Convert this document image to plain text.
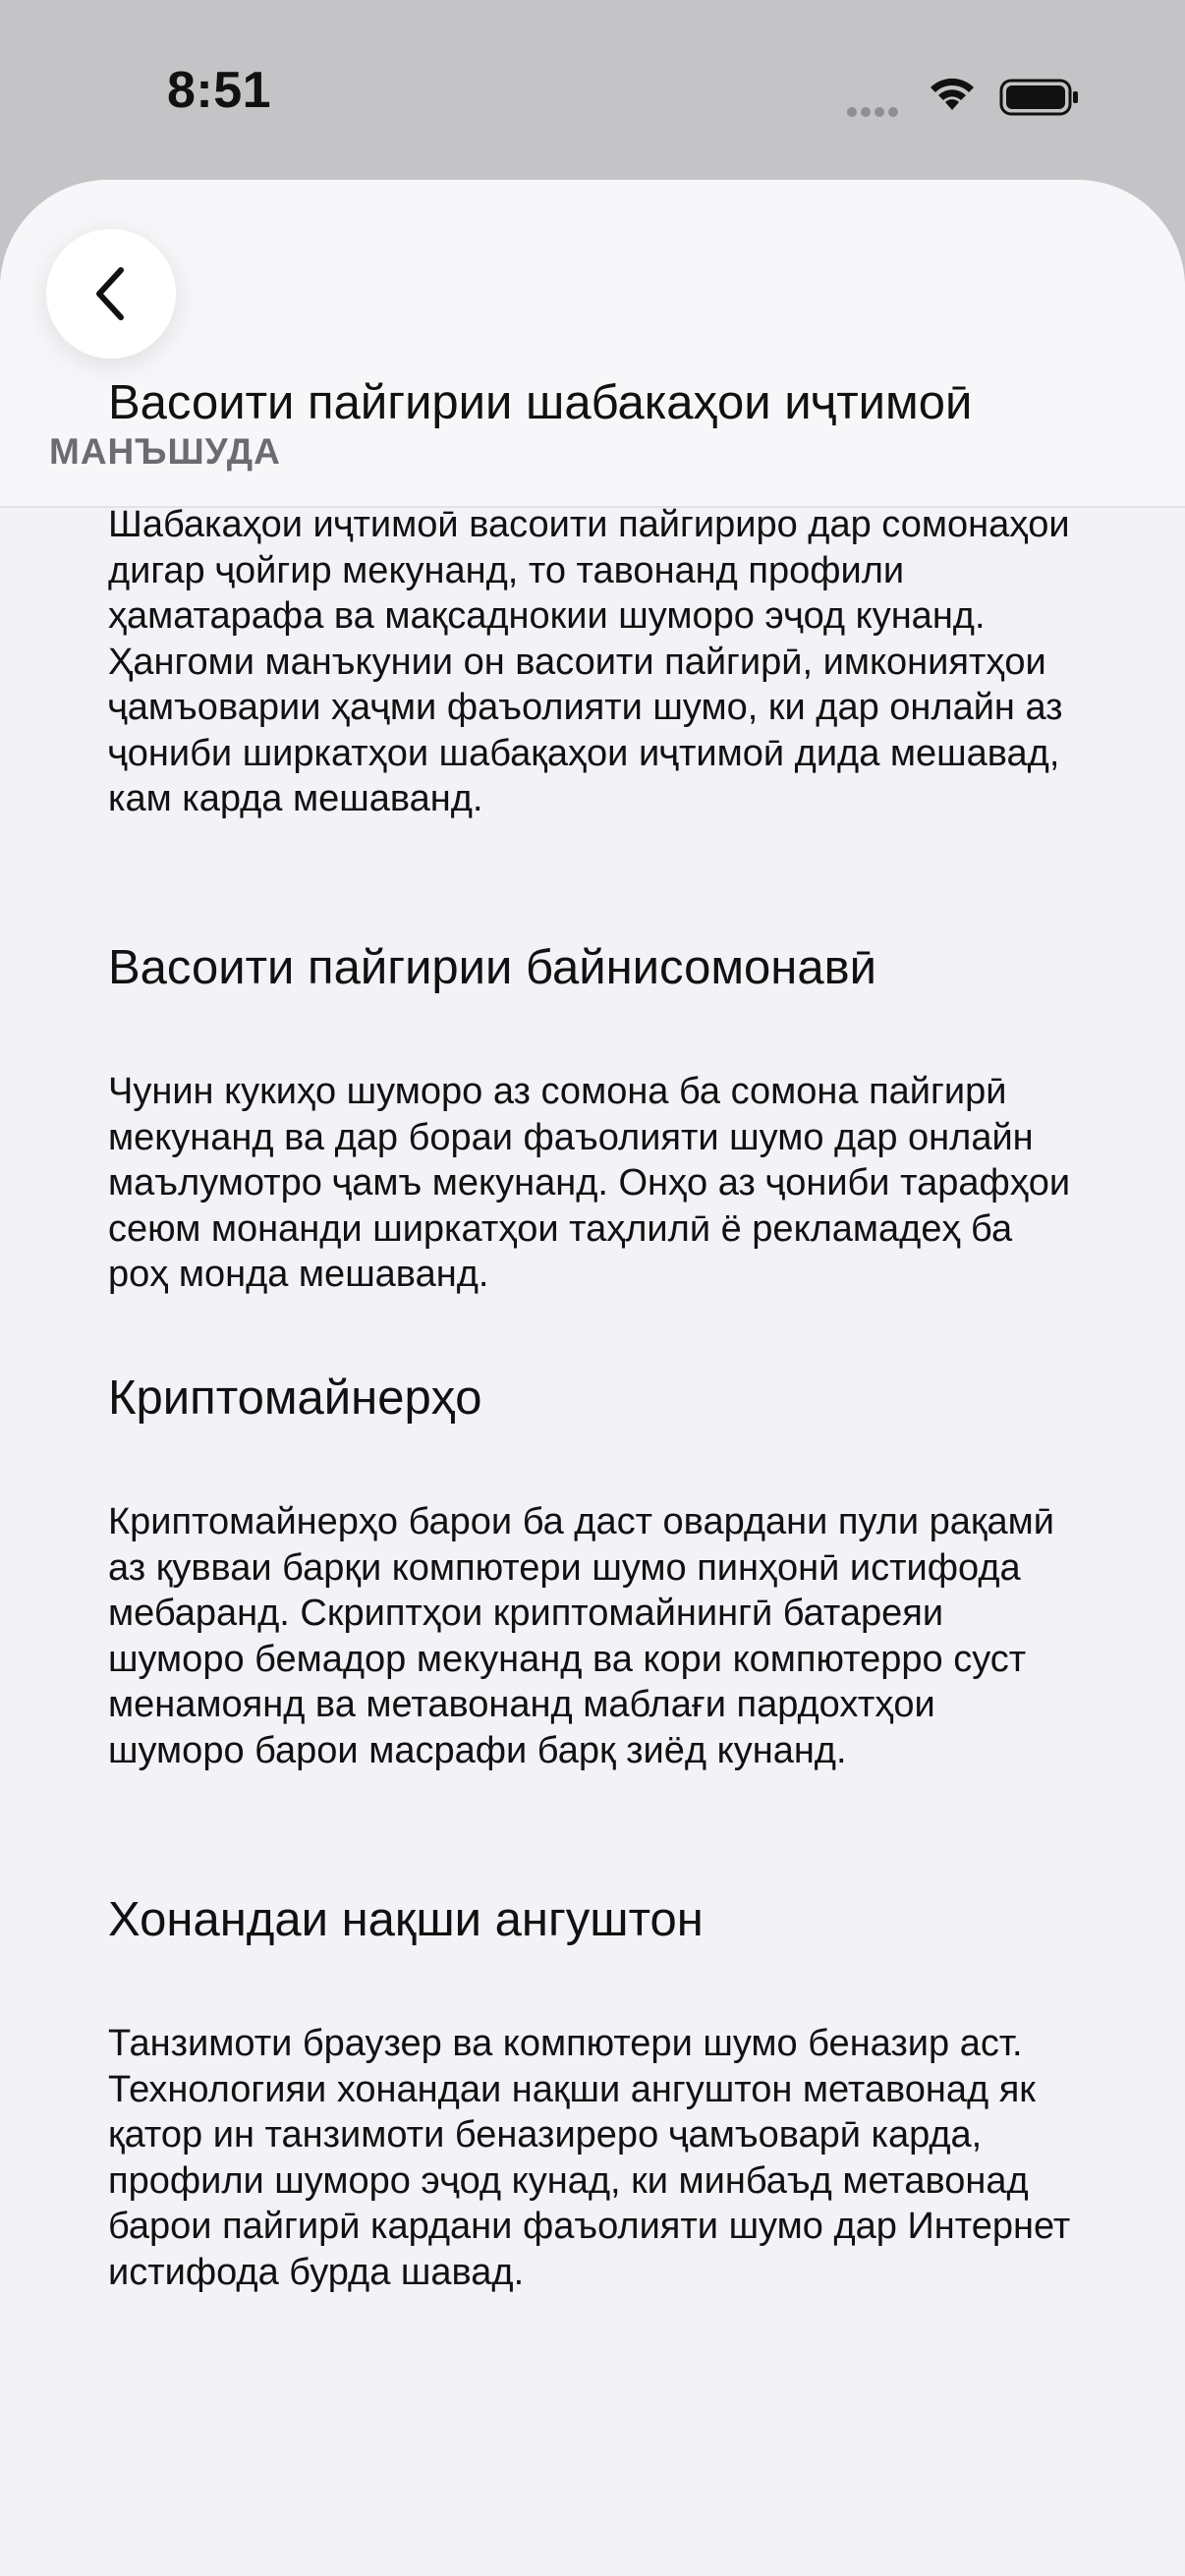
8:51
МАНЪШУДА
Васоити пайгирии шабакаҳои иҷтимоӣ

Шабакаҳои иҷтимоӣ васоити пайгириро дар сомонаҳои дигар ҷойгир мекунанд, то тавонанд профили ҳаматарафа ва мақсаднокии шуморо эҷод кунанд. Ҳангоми манъкунии он васоити пайгирӣ, имкониятҳои ҷамъоварии ҳаҷми фаъолияти шумо, ки дар онлайн аз ҷониби ширкатҳои шабақаҳои иҷтимоӣ дида мешавад, кам карда мешаванд.

Васоити пайгирии байнисомонавӣ

Чунин кукиҳо шуморо аз сомона ба сомона пайгирӣ мекунанд ва дар бораи фаъолияти шумо дар онлайн маълумотро ҷамъ мекунанд. Онҳо аз ҷониби тарафҳои сеюм монанди ширкатҳои таҳлилӣ ё рекламадеҳ ба роҳ монда мешаванд.

Криптомайнерҳо

Криптомайнерҳо барои ба даст овардани пули рақамӣ аз қувваи барқи компютери шумо пинҳонӣ истифода мебаранд. Скриптҳои криптомайнингӣ батареяи шуморо бемадор мекунанд ва кори компютерро суст менамоянд ва метавонанд маблағи пардохтҳои шуморо барои масрафи барқ зиёд кунанд.

Хонандаи нақши ангуштон

Танзимоти браузер ва компютери шумо беназир аст. Технологияи хонандаи нақши ангуштон метавонад як қатор ин танзимоти беназиреро ҷамъоварӣ карда, профили шуморо эҷод кунад, ки минбаъд метавонад барои пайгирӣ кардани фаъолияти шумо дар Интернет истифода бурда шавад.
